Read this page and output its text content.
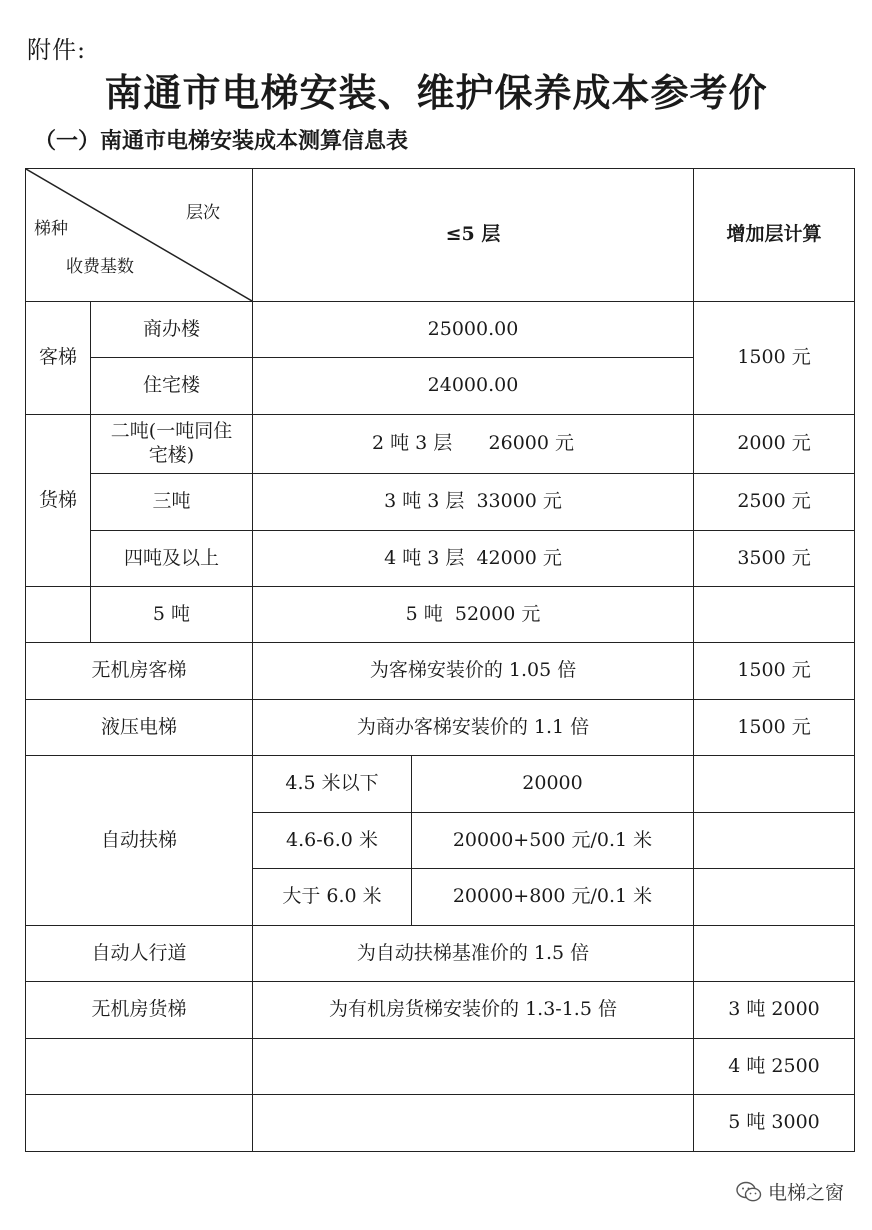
附件:
南通市电梯安装、维护保养成本参考价
（一）南通市电梯安装成本测算信息表
层次
梯种
收费基数		≤5 层		增加层计算
客梯	商办楼	25000.00		1500 元
	住宅楼	24000.00		
货梯	二吨(一吨同住宅楼)	2 吨 3 层      26000 元		2000 元
	三吨	3 吨 3 层  33000 元		2500 元
	四吨及以上	4 吨 3 层  42000 元		3500 元
	5 吨	5 吨  52000 元		
无机房客梯		为客梯安装价的 1.05 倍		1500 元
液压电梯		为商办客梯安装价的 1.1 倍		1500 元
自动扶梯		4.5 米以下	20000	
		4.6-6.0 米	20000+500 元/0.1 米	
		大于 6.0 米	20000+800 元/0.1 米	
自动人行道		为自动扶梯基准价的 1.5 倍		
无机房货梯		为有机房货梯安装价的 1.3-1.5 倍		3 吨 2000
				4 吨 2500
				5 吨 3000
电梯之窗
